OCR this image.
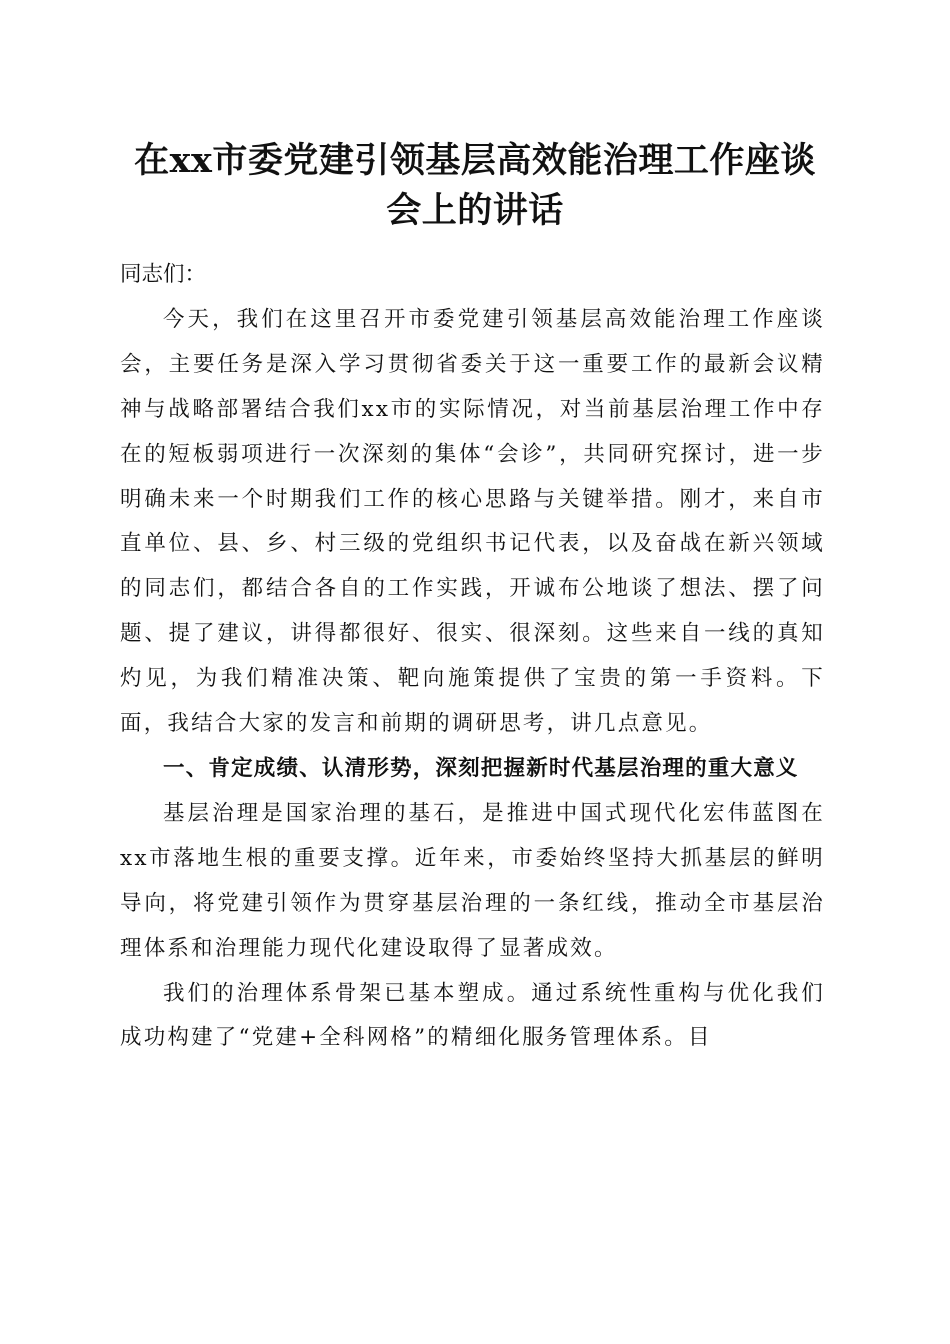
在xx市委党建引领基层高效能治理工作座谈
会上的讲话

同志们：

今天，我们在这里召开市委党建引领基层高效能治理工作座谈会，主要任务是深入学习贯彻省委关于这一重要工作的最新会议精神与战略部署结合我们xx市的实际情况，对当前基层治理工作中存在的短板弱项进行一次深刻的集体“会诊”，共同研究探讨，进一步明确未来一个时期我们工作的核心思路与关键举措。刚才，来自市直单位、县、乡、村三级的党组织书记代表，以及奋战在新兴领域的同志们，都结合各自的工作实践，开诚布公地谈了想法、摆了问题、提了建议，讲得都很好、很实、很深刻。这些来自一线的真知灼见，为我们精准决策、靶向施策提供了宝贵的第一手资料。下面，我结合大家的发言和前期的调研思考，讲几点意见。

一、肯定成绩、认清形势，深刻把握新时代基层治理的重大意义

基层治理是国家治理的基石，是推进中国式现代化宏伟蓝图在xx市落地生根的重要支撑。近年来，市委始终坚持大抓基层的鲜明导向，将党建引领作为贯穿基层治理的一条红线，推动全市基层治理体系和治理能力现代化建设取得了显著成效。

我们的治理体系骨架已基本塑成。通过系统性重构与优化我们成功构建了“党建+全科网格”的精细化服务管理体系。目
